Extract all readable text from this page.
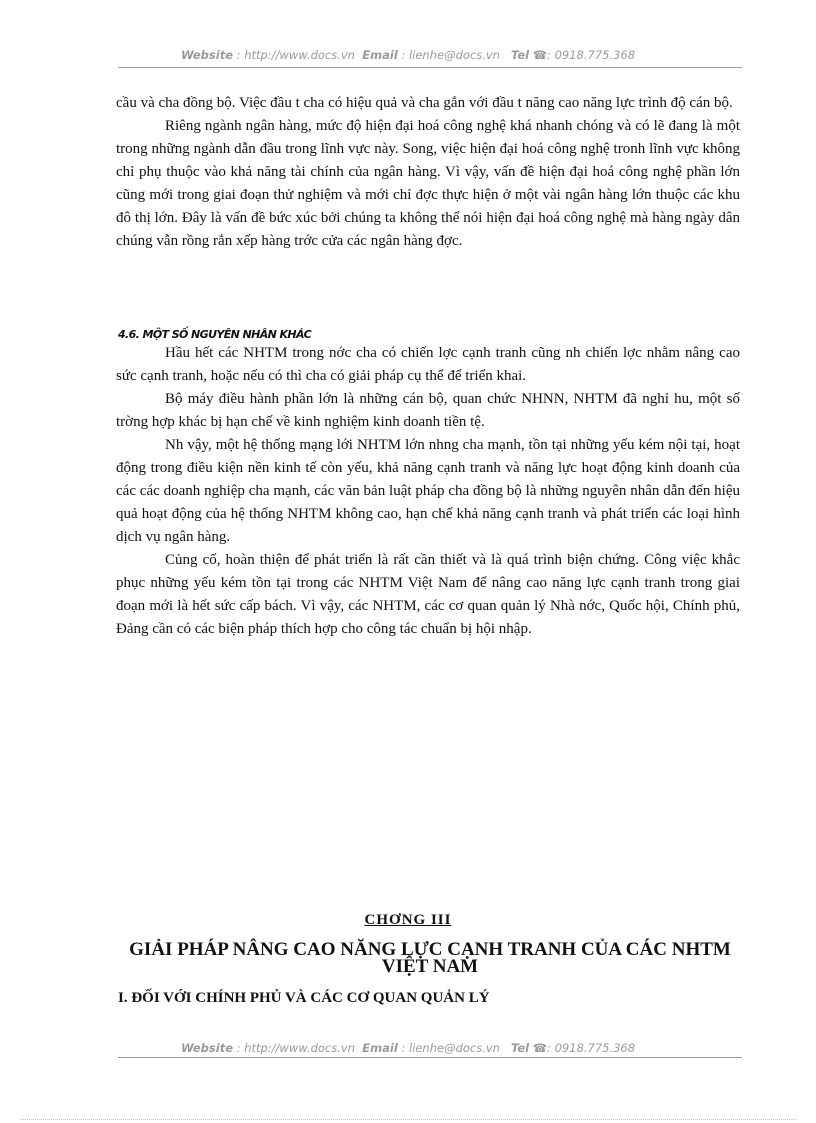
Website : http://www.docs.vn Email : lienhe@docs.vn Tel ☎: 0918.775.368

cầu và cha đồng bộ. Việc đầu t cha có hiệu quả và cha gắn với đầu t năng cao năng lực trình độ cán bộ.

Riêng ngành ngân hàng, mức độ hiện đại hoá công nghệ khá nhanh chóng và có lẽ đang là một trong những ngành dẫn đầu trong lĩnh vực này. Song, việc hiện đại hoá công nghệ tronh lĩnh vực không chỉ phụ thuộc vào khả năng tài chính của ngân hàng. Vì vậy, vấn đề hiện đại hoá công nghệ phần lớn cũng mới trong giai đoạn thử nghiệm và mới chỉ đợc thực hiện ở một vài ngân hàng lớn thuộc các khu đô thị lớn. Đây là vấn đề bức xúc bởi chúng ta không thể nói hiện đại hoá công nghệ mà hàng ngày dân chúng vẫn rồng rắn xếp hàng trớc cửa các ngân hàng đợc.

4.6. MỘT SỐ NGUYÊN NHÂN KHÁC

Hầu hết các NHTM trong nớc cha có chiến lợc cạnh tranh cũng nh chiến lợc nhằm nâng cao sức cạnh tranh, hoặc nếu có thì cha có giải pháp cụ thể để triển khai.

Bộ máy điều hành phần lớn là những cán bộ, quan chức NHNN, NHTM đã nghỉ hu, một số trờng hợp khác bị hạn chế về kinh nghiệm kinh doanh tiền tệ.

Nh vậy, một hệ thống mạng lới NHTM lớn nhng cha mạnh, tồn tại những yếu kém nội tại, hoạt động trong điều kiện nền kinh tế còn yếu, khả năng cạnh tranh và năng lực hoạt động kinh doanh của các các doanh nghiệp cha mạnh, các văn bản luật pháp cha đồng bộ là những nguyên nhân dẫn đến hiệu quả hoạt động của hệ thống NHTM không cao, hạn chế khả năng cạnh tranh và phát triển các loại hình dịch vụ ngân hàng.

Củng cố, hoàn thiện để phát triển là rất cần thiết và là quá trình biện chứng. Công việc khắc phục những yếu kém tồn tại trong các NHTM Việt Nam để nâng cao năng lực cạnh tranh trong giai đoạn mới là hết sức cấp bách. Vì vậy, các NHTM, các cơ quan quản lý Nhà nớc, Quốc hội, Chính phủ, Đảng cần có các biện pháp thích hợp cho công tác chuẩn bị hội nhập.

CHƠNG III
GIẢI PHÁP NÂNG CAO NĂNG LỰC CẠNH TRANH CỦA CÁC NHTM VIỆT NAM
I. ĐỐI VỚI CHÍNH PHỦ VÀ CÁC CƠ QUAN QUẢN LÝ
Website : http://www.docs.vn Email : lienhe@docs.vn Tel ☎: 0918.775.368
